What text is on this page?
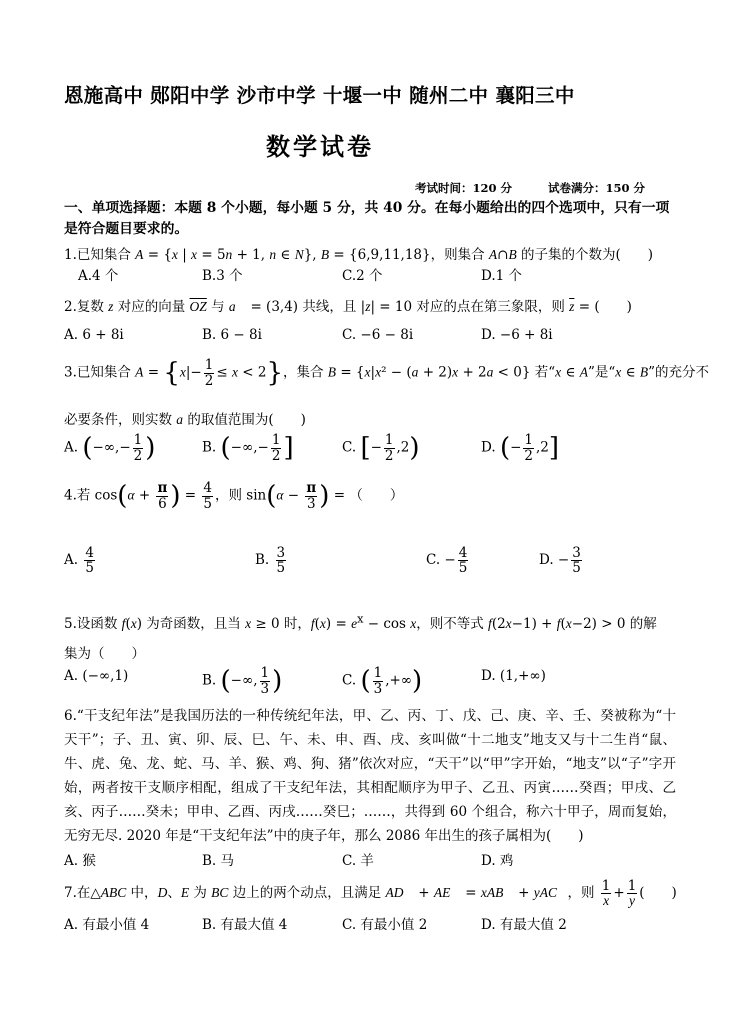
恩施高中 郧阳中学 沙市中学 十堰一中 随州二中 襄阳三中
数学试卷
考试时间：120 分	试卷满分：150 分
一、单项选择题：本题 8 个小题，每小题 5 分，共 40 分。在每小题给出的四个选项中，只有一项是符合题目要求的。
1.已知集合 A = {x | x = 5n + 1, n ∈ N}, B = {6,9,11,18}，则集合 A∩B 的子集的个数为(　　)
A.4 个	B.3 个	C.2 个	D.1 个
2.复数 z 对应的向量 $\overline{OZ}$ 与 a⃗ = (3,4) 共线，且 |z| = 10 对应的点在第三象限，则 $\overline{z}$ = (　　)
A. 6 + 8i	B. 6 − 8i	C. −6 − 8i	D. −6 + 8i
3.已知集合 $A = \{x|- \frac{1}{2} \le x < 2\}$，集合 B = {x|x² − (a + 2)x + 2a < 0} 若“x ∈ A”是“x ∈ B”的充分不
必要条件，则实数 a 的取值范围为(　　)
A. (−∞,− $\frac{1}{2}$ )	B. (−∞,− $\frac{1}{2}$ ]	C. [− $\frac{1}{2} ,2$)	D. (− $\frac{1}{2} ,2$]
4.若 $\cos(\alpha + \frac{\pi}{6}$ ) = $\frac{4}{5}$ ，则 $\sin(\alpha - \frac{\pi}{3}$ ) = （　　）
A. $\frac{4}{5}$	B. $\frac{3}{5}$	C. − $\frac{4}{5}$	D. − $\frac{3}{5}$
5.设函数 f(x) 为奇函数，且当 x ≥ 0 时，$f(x) = e^x - \cos x$，则不等式 f(2x−1) + f(x−2) > 0 的解
集为（　　）
A. (−∞,1)	B. (−∞, $\frac{1}{3}$ )	C. ( $\frac{1}{3}$ ,+∞)	D. (1,+∞)
6.“干支纪年法”是我国历法的一种传统纪年法，甲、乙、丙、丁、戊、己、庚、辛、壬、癸被称为“十天干”；子、丑、寅、卯、辰、巳、午、未、申、酉、戌、亥叫做“十二地支”地支又与十二生肖“鼠、牛、虎、兔、龙、蛇、马、羊、猴、鸡、狗、猪”依次对应，“天干”以“甲”字开始，“地支”以“子”字开始，两者按干支顺序相配，组成了干支纪年法，其相配顺序为甲子、乙丑、丙寅……癸酉；甲戌、乙亥、丙子……癸未；甲申、乙酉、丙戌……癸巳；……，共得到 60 个组合，称六十甲子，周而复始，无穷无尽. 2020 年是“干支纪年法”中的庚子年，那么 2086 年出生的孩子属相为(　　)
A. 猴	B. 马	C. 羊	D. 鸡
7.在△ABC 中，D、E 为 BC 边上的两个动点，且满足 AD⃗ + AE⃗ = xAB⃗ + yAC⃗，则 $\frac{1}{x} + \frac{1}{y}$ (　　)
A. 有最小值 4	B. 有最大值 4	C. 有最小值 2	D. 有最大值 2
